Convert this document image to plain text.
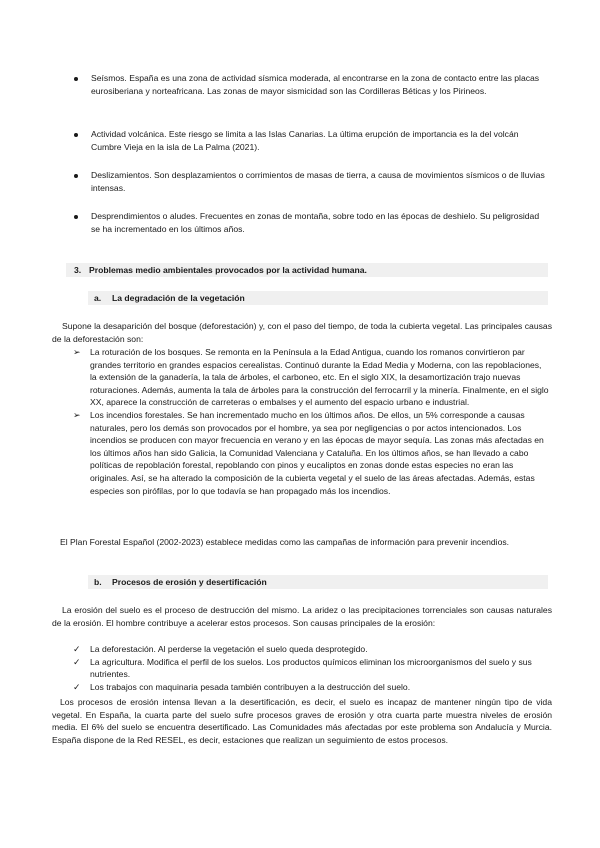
Seísmos. España es una zona de actividad sísmica moderada, al encontrarse en la zona de contacto entre las placas eurosiberiana y norteafricana. Las zonas de mayor sismicidad son las Cordilleras Béticas y los Pirineos.
Actividad volcánica. Este riesgo se limita a las Islas Canarias. La última erupción de importancia es la del volcán Cumbre Vieja en la isla de La Palma (2021).
Deslizamientos. Son desplazamientos o corrimientos de masas de tierra, a causa de movimientos sísmicos o de lluvias intensas.
Desprendimientos o aludes. Frecuentes en zonas de montaña, sobre todo en las épocas de deshielo. Su peligrosidad se ha incrementado en los últimos años.
3. Problemas medio ambientales provocados por la actividad humana.
a. La degradación de la vegetación
Supone la desaparición del bosque (deforestación) y, con el paso del tiempo, de toda la cubierta vegetal. Las principales causas de la deforestación son:
➢ La roturación de los bosques. Se remonta en la Península a la Edad Antigua, cuando los romanos convirtieron par grandes territorio en grandes espacios cerealistas. Continuó durante la Edad Media y Moderna, con las repoblaciones, la extensión de la ganadería, la tala de árboles, el carboneo, etc. En el siglo XIX, la desamortización trajo nuevas roturaciones. Además, aumenta la tala de árboles para la construcción del ferrocarril y la minería. Finalmente, en el siglo XX, aparece la construcción de carreteras o embalses y el aumento del espacio urbano e industrial.
➢ Los incendios forestales. Se han incrementado mucho en los últimos años. De ellos, un 5% corresponde a causas naturales, pero los demás son provocados por el hombre, ya sea por negligencias o por actos intencionados. Los incendios se producen con mayor frecuencia en verano y en las épocas de mayor sequía. Las zonas más afectadas en los últimos años han sido Galicia, la Comunidad Valenciana y Cataluña. En los últimos años, se han llevado a cabo políticas de repoblación forestal, repoblando con pinos y eucaliptos en zonas donde estas especies no eran las originales. Así, se ha alterado la composición de la cubierta vegetal y el suelo de las áreas afectadas. Además, estas especies son pirófilas, por lo que todavía se han propagado más los incendios.
El Plan Forestal Español (2002-2023) establece medidas como las campañas de información para prevenir incendios.
b. Procesos de erosión y desertificación
La erosión del suelo es el proceso de destrucción del mismo. La aridez o las precipitaciones torrenciales son causas naturales de la erosión. El hombre contribuye a acelerar estos procesos. Son causas principales de la erosión:
✓ La deforestación. Al perderse la vegetación el suelo queda desprotegido.
✓ La agricultura. Modifica el perfil de los suelos. Los productos químicos eliminan los microorganismos del suelo y sus nutrientes.
✓ Los trabajos con maquinaria pesada también contribuyen a la destrucción del suelo.
Los procesos de erosión intensa llevan a la desertificación, es decir, el suelo es incapaz de mantener ningún tipo de vida vegetal. En España, la cuarta parte del suelo sufre procesos graves de erosión y otra cuarta parte muestra niveles de erosión media. El 6% del suelo se encuentra desertificado. Las Comunidades más afectadas por este problema son Andalucía y Murcia. España dispone de la Red RESEL, es decir, estaciones que realizan un seguimiento de estos procesos.
